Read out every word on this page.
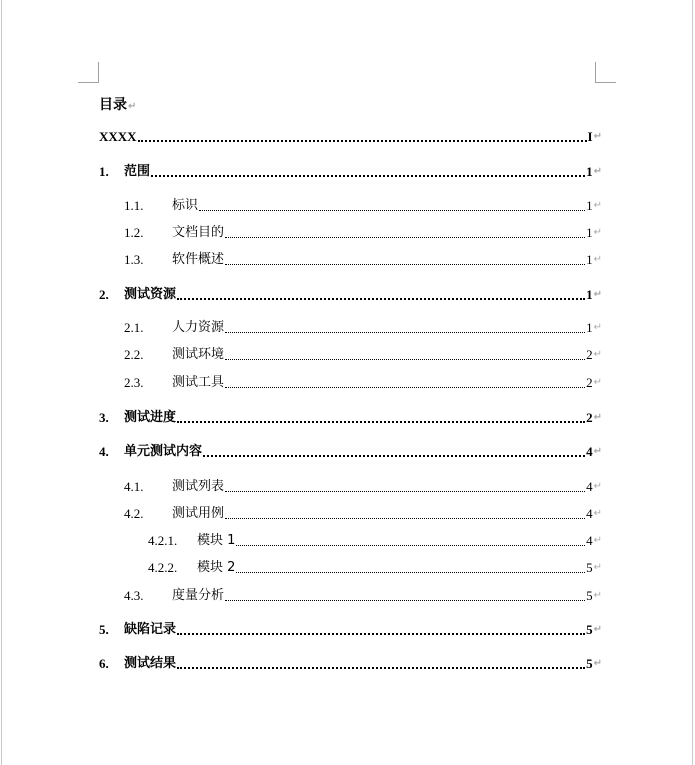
目录↵
XXXX	I ↵
1.	范围	1 ↵
1.1.	标识	1 ↵
1.2.	文档目的	1 ↵
1.3.	软件概述	1 ↵
2.	测试资源	1 ↵
2.1.	人力资源	1 ↵
2.2.	测试环境	2 ↵
2.3.	测试工具	2 ↵
3.	测试进度	2 ↵
4.	单元测试内容	4 ↵
4.1.	测试列表	4 ↵
4.2.	测试用例	4 ↵
4.2.1.	模块 1	4 ↵
4.2.2.	模块 2	5 ↵
4.3.	度量分析	5 ↵
5.	缺陷记录	5 ↵
6.	测试结果	5 ↵
